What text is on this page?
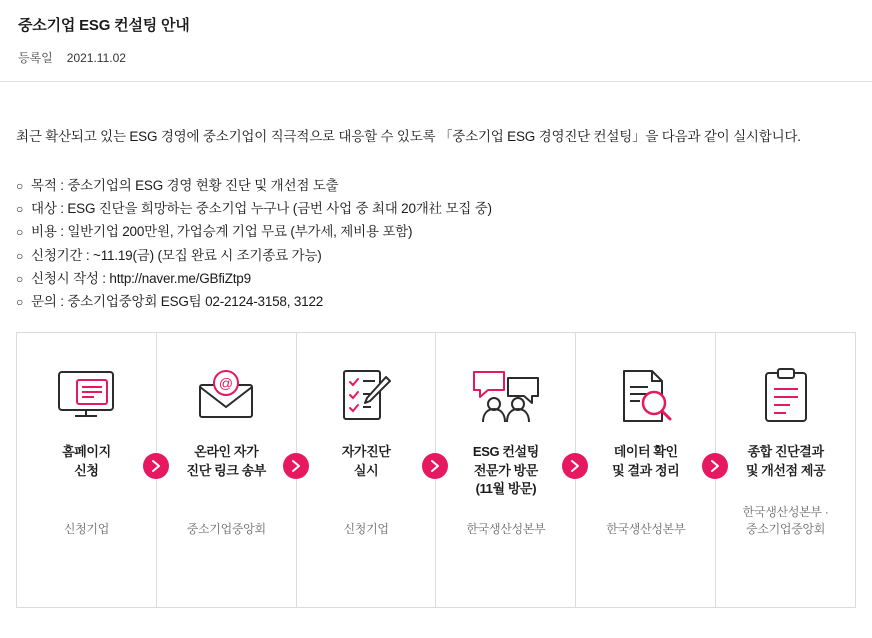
중소기업 ESG 컨설팅 안내
등록일 2021.11.02
최근 확산되고 있는 ESG 경영에 중소기업이 직극적으로 대응할 수 있도록 「중소기업 ESG 경영진단 컨설팅」을 다음과 같이 실시합니다.
○ 목적 : 중소기업의 ESG 경영 현황 진단 및 개선점 도출
○ 대상 : ESG 진단을 희망하는 중소기업 누구나 (금번 사업 중 최대 20개社 모집 중)
○ 비용 : 일반기업 200만원, 가업승계 기업 무료 (부가세, 제비용 포함)
○ 신청기간 : ~11.19(금) (모집 완료 시 조기종료 가능)
○ 신청시 작성 : http://naver.me/GBfiZtp9
○ 문의 : 중소기업중앙회 ESG팀 02-2124-3158, 3122
홈페이지
신청
신청기업
@
온라인 자가
진단 링크 송부
중소기업중앙회
자가진단
실시
신청기업
ESG 컨설팅
전문가 방문
(11월 방문)
한국생산성본부
데이터 확인
및 결과 정리
한국생산성본부
종합 진단결과
및 개선점 제공
한국생산성본부 ·
중소기업중앙회
